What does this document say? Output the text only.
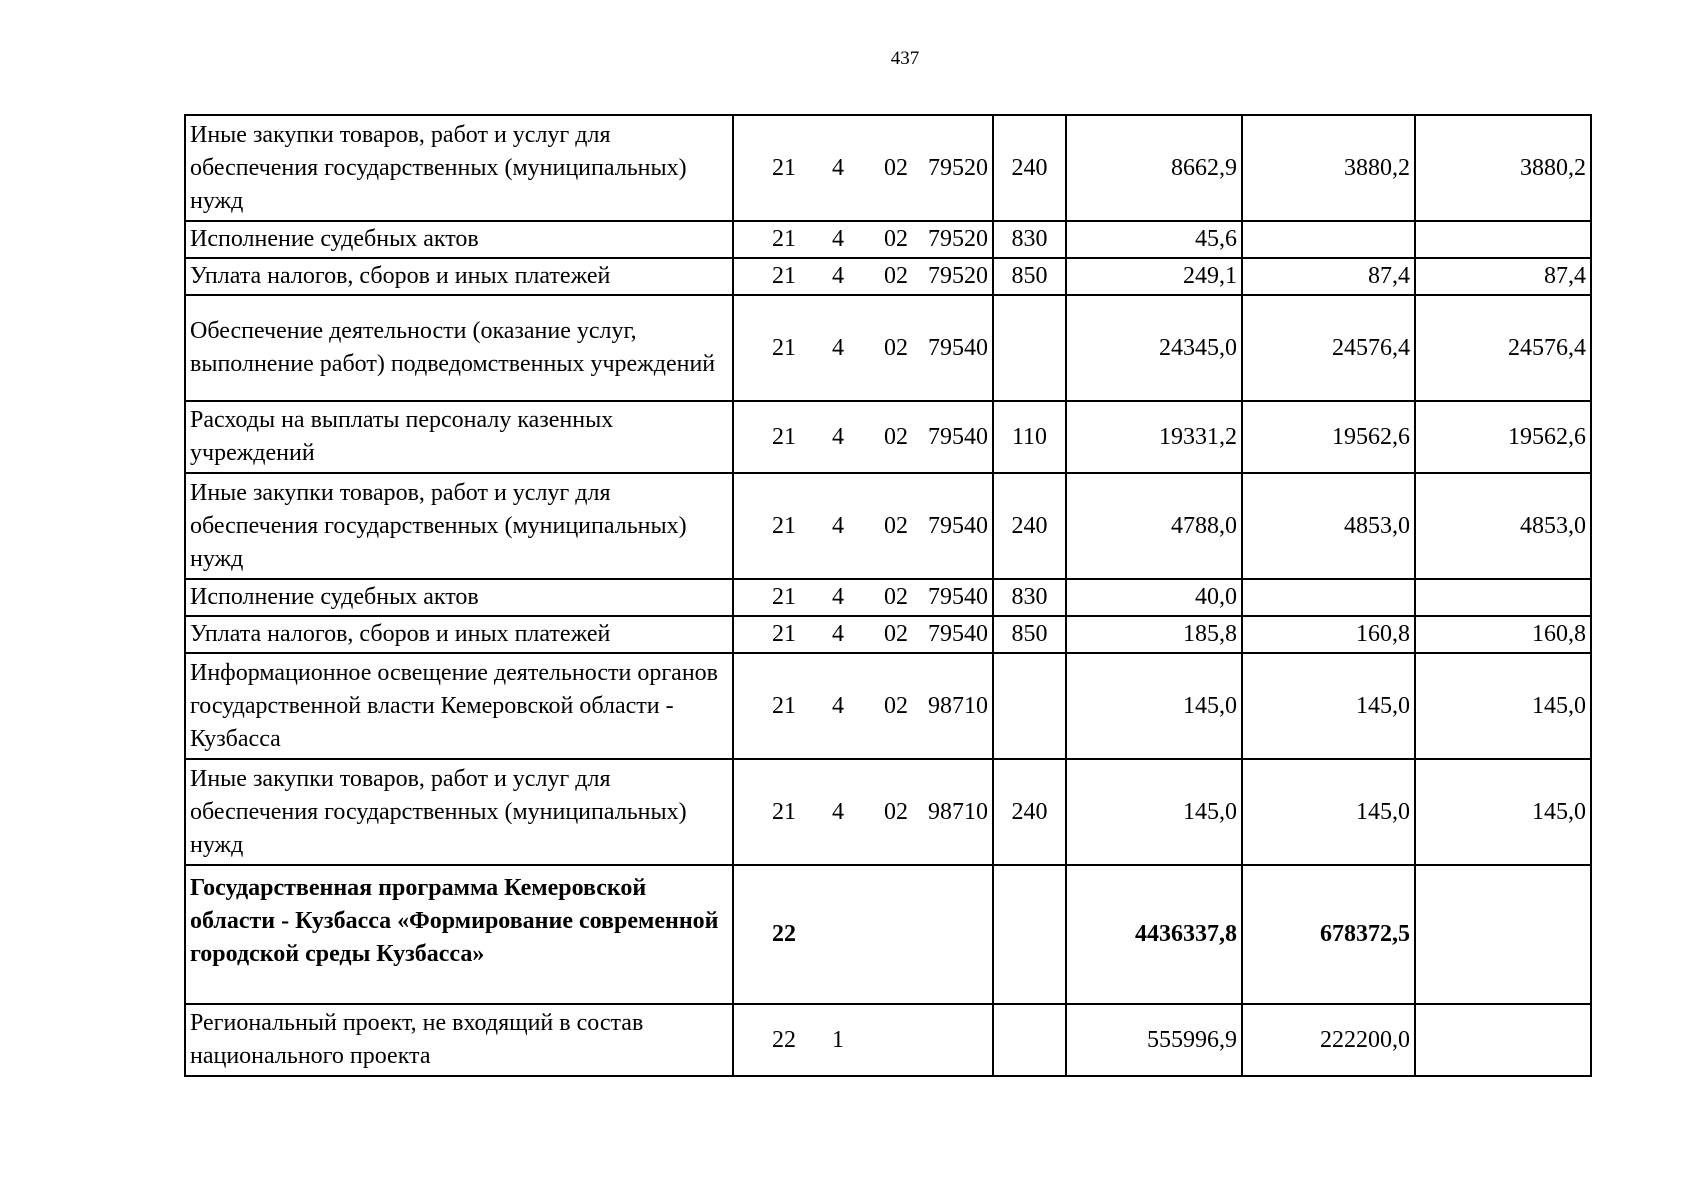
437
Иные закупки товаров, работ и услуг для обеспечения государственных (муниципальных) нужд	21 4 02 79520	240	8662,9	3880,2	3880,2
Исполнение судебных актов	21 4 02 79520	830	45,6		
Уплата налогов, сборов и иных платежей	21 4 02 79520	850	249,1	87,4	87,4
Обеспечение деятельности (оказание услуг, выполнение работ) подведомственных учреждений	21 4 02 79540		24345,0	24576,4	24576,4
Расходы на выплаты персоналу казенных учреждений	21 4 02 79540	110	19331,2	19562,6	19562,6
Иные закупки товаров, работ и услуг для обеспечения государственных (муниципальных) нужд	21 4 02 79540	240	4788,0	4853,0	4853,0
Исполнение судебных актов	21 4 02 79540	830	40,0		
Уплата налогов, сборов и иных платежей	21 4 02 79540	850	185,8	160,8	160,8
Информационное освещение деятельности органов государственной власти Кемеровской области - Кузбасса	21 4 02 98710		145,0	145,0	145,0
Иные закупки товаров, работ и услуг для обеспечения государственных (муниципальных) нужд	21 4 02 98710	240	145,0	145,0	145,0
Государственная программа Кемеровской области - Кузбасса «Формирование современной городской среды Кузбасса»	22		4436337,8	678372,5	
Региональный проект, не входящий в состав национального проекта	22 1		555996,9	222200,0	
